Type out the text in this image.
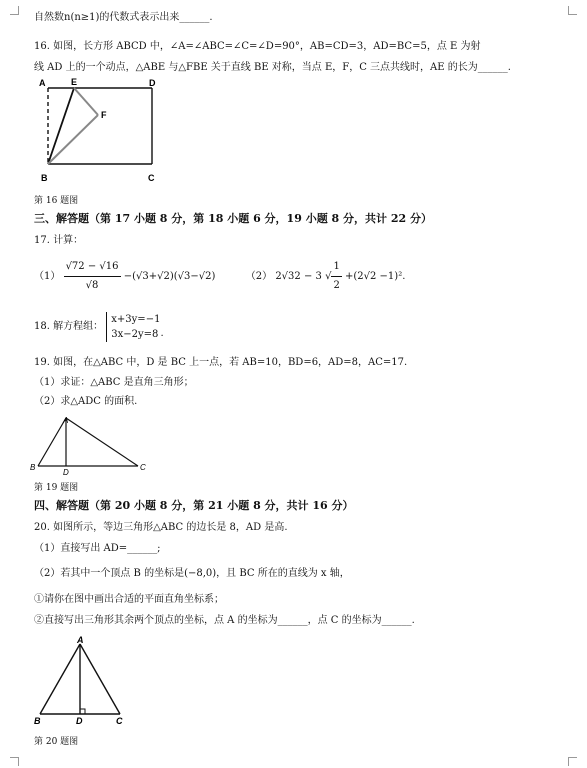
自然数n(n≥1)的代数式表示出来______.
16. 如图，长方形 ABCD 中，∠A=∠ABC=∠C=∠D=90°，AB=CD=3，AD=BC=5，点 E 为射
线 AD 上的一个动点，△ABE 与△FBE 关于直线 BE 对称，当点 E，F，C 三点共线时，AE 的长为______.
A	E	D
F
B	C
第 16 题图
三、解答题（第 17 小题 8 分，第 18 小题 6 分，19 小题 8 分，共计 22 分）
17. 计算：
$(1) \frac{√72 - √16}{√8} -(√3+√2)(√3-√2)$	（2） 2√32 − 3 √ $\frac{1}{2} +(2√2 -1)^2$.
18. 解方程组：
x+3y=−1
3x−2y=8 .
19. 如图，在△ABC 中，D 是 BC 上一点，若 AB=10，BD=6，AD=8，AC=17.
（1）求证：△ABC 是直角三角形；
（2）求△ADC 的面积.
A
B
D
C
第 19 题图
四、解答题（第 20 小题 8 分，第 21 小题 8 分，共计 16 分）
20. 如图所示，等边三角形△ABC 的边长是 8，AD 是高.
（1）直接写出 AD=______;
（2）若其中一个顶点 B 的坐标是(−8,0)，且 BC 所在的直线为 x 轴，
①请你在图中画出合适的平面直角坐标系；
②直接写出三角形其余两个顶点的坐标，点 A 的坐标为______，点 C 的坐标为______.
A
B	D	C
第 20 题图
